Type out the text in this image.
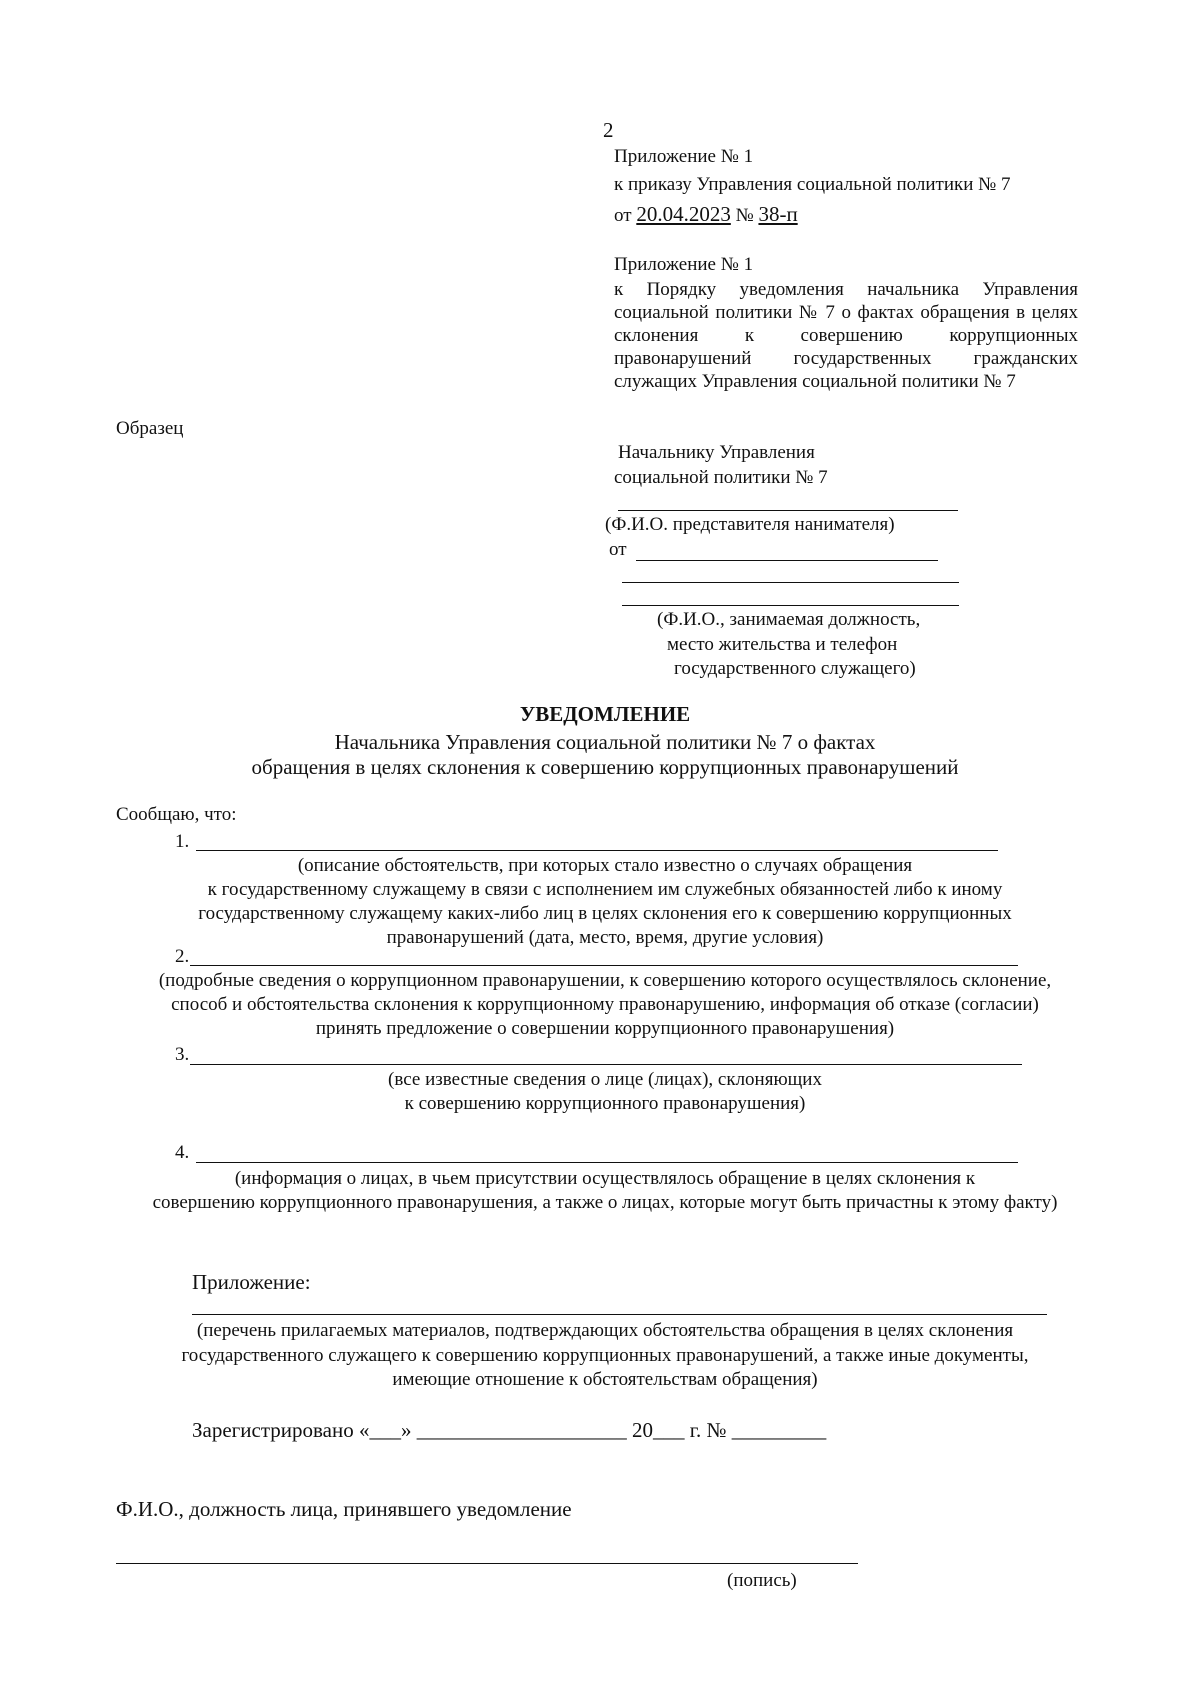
2
Приложение № 1
к приказу Управления социальной политики № 7
от 20.04.2023 № 38-п
Приложение № 1
к Порядку уведомления начальника Управления социальной политики № 7 о фактах обращения в целях склонения к совершению коррупционных правонарушений государственных гражданских служащих Управления социальной политики № 7
Образец
Начальнику Управления
социальной политики № 7
(Ф.И.О. представителя нанимателя)
от
(Ф.И.О., занимаемая должность,
место жительства и телефон
государственного служащего)
УВЕДОМЛЕНИЕ
Начальника Управления социальной политики № 7 о фактах
обращения в целях склонения к совершению коррупционных правонарушений
Сообщаю, что:
1.
(описание обстоятельств, при которых стало известно о случаях обращения
к государственному служащему в связи с исполнением им служебных обязанностей либо к иному
государственному служащему каких-либо лиц в целях склонения его к совершению коррупционных
правонарушений (дата, место, время, другие условия)
2.
(подробные сведения о коррупционном правонарушении, к совершению которого осуществлялось склонение,
способ и обстоятельства склонения к коррупционному правонарушению, информация об отказе (согласии)
принять предложение о совершении коррупционного правонарушения)
3.
(все известные сведения о лице (лицах), склоняющих
к совершению коррупционного правонарушения)
4.
(информация о лицах, в чьем присутствии осуществлялось обращение в целях склонения к
совершению коррупционного правонарушения, а также о лицах, которые могут быть причастны к этому факту)
Приложение:
(перечень прилагаемых материалов, подтверждающих обстоятельства обращения в целях склонения
государственного служащего к совершению коррупционных правонарушений, а также иные документы,
имеющие отношение к обстоятельствам обращения)
Зарегистрировано «___» ____________________ 20___ г. № _________
Ф.И.О., должность лица, принявшего уведомление
(попись)
